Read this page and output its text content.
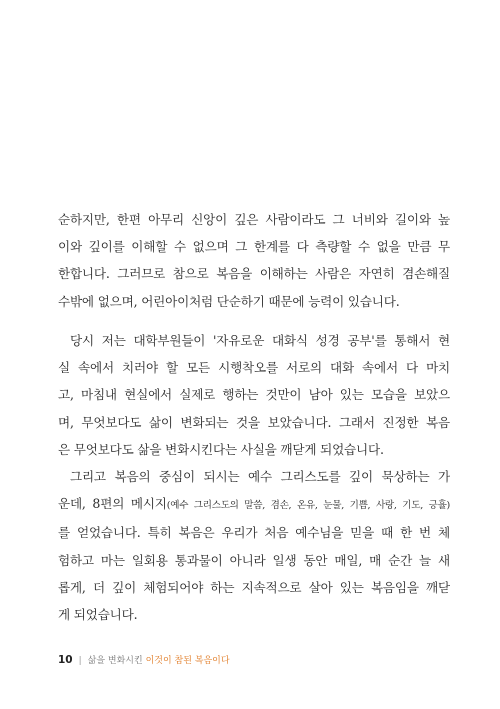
순하지만, 한편 아무리 신앙이 깊은 사람이라도 그 너비와 길이와 높
이와 깊이를 이해할 수 없으며 그 한계를 다 측량할 수 없을 만큼 무
한합니다. 그러므로 참으로 복음을 이해하는 사람은 자연히 겸손해질
수밖에 없으며, 어린아이처럼 단순하기 때문에 능력이 있습니다.
당시 저는 대학부원들이 '자유로운 대화식 성경 공부'를 통해서 현
실 속에서 치러야 할 모든 시행착오를 서로의 대화 속에서 다 마치
고, 마침내 현실에서 실제로 행하는 것만이 남아 있는 모습을 보았으
며, 무엇보다도 삶이 변화되는 것을 보았습니다. 그래서 진정한 복음
은 무엇보다도 삶을 변화시킨다는 사실을 깨닫게 되었습니다.
그리고 복음의 중심이 되시는 예수 그리스도를 깊이 묵상하는 가
운데, 8편의 메시지(예수 그리스도의 말씀, 겸손, 온유, 눈물, 기쁨, 사랑, 기도, 긍휼)
를 얻었습니다. 특히 복음은 우리가 처음 예수님을 믿을 때 한 번 체
험하고 마는 일회용 통과물이 아니라 일생 동안 매일, 매 순간 늘 새
롭게, 더 깊이 체험되어야 하는 지속적으로 살아 있는 복음임을 깨닫
게 되었습니다.
10 | 삶을 변화시킨 이것이 참된 복음이다
